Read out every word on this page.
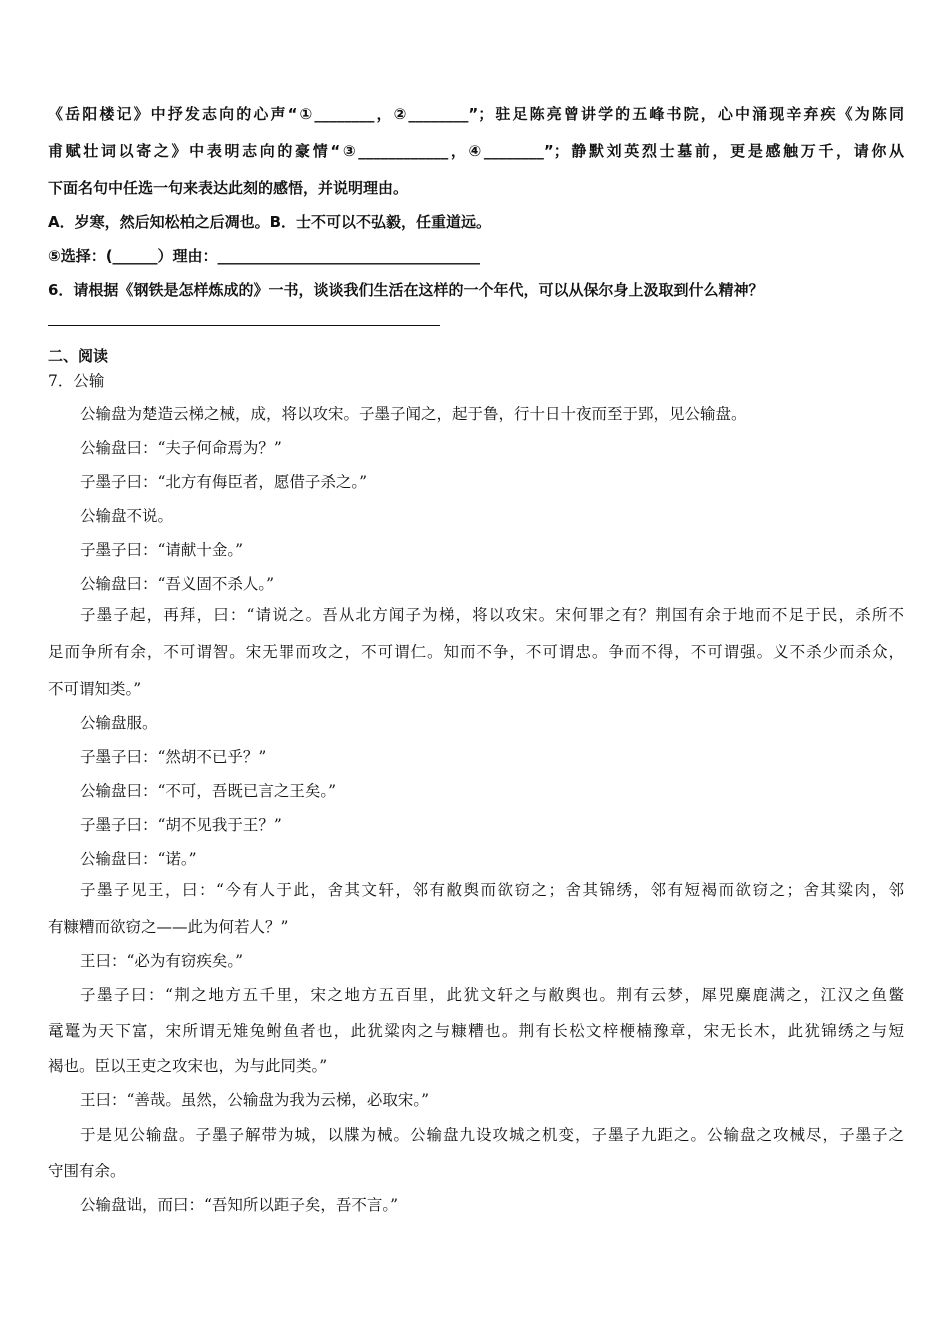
《岳阳楼记》中抒发志向的心声“①________，②________”；驻足陈亮曾讲学的五峰书院，心中涌现辛弃疾《为陈同
甫赋壮词以寄之》中表明志向的豪情“③____________，④________”；静默刘英烈士墓前，更是感触万千，请你从
下面名句中任选一句来表达此刻的感悟，并说明理由。
A．岁寒，然后知松柏之后凋也。B．士不可以不弘毅，任重道远。
⑤选择：(______）理由：___________________________________
6．请根据《钢铁是怎样炼成的》一书，谈谈我们生活在这样的一个年代，可以从保尔身上汲取到什么精神？
二、阅读
7．公输
公输盘为楚造云梯之械，成，将以攻宋。子墨子闻之，起于鲁，行十日十夜而至于郢，见公输盘。
公输盘曰：“夫子何命焉为？”
子墨子曰：“北方有侮臣者，愿借子杀之。”
公输盘不说。
子墨子曰：“请献十金。”
公输盘曰：“吾义固不杀人。”
子墨子起，再拜，曰：“请说之。吾从北方闻子为梯，将以攻宋。宋何罪之有？荆国有余于地而不足于民，杀所不
足而争所有余，不可谓智。宋无罪而攻之，不可谓仁。知而不争，不可谓忠。争而不得，不可谓强。义不杀少而杀众，
不可谓知类。”
公输盘服。
子墨子曰：“然胡不已乎？”
公输盘曰：“不可，吾既已言之王矣。”
子墨子曰：“胡不见我于王？”
公输盘曰：“诺。”
子墨子见王，曰：“今有人于此，舍其文轩，邻有敝舆而欲窃之；舍其锦绣，邻有短褐而欲窃之；舍其粱肉，邻
有糠糟而欲窃之——此为何若人？”
王曰：“必为有窃疾矣。”
子墨子曰：“荆之地方五千里，宋之地方五百里，此犹文轩之与敝舆也。荆有云梦，犀兕麋鹿满之，江汉之鱼鳖
鼋鼍为天下富，宋所谓无雉兔鲋鱼者也，此犹粱肉之与糠糟也。荆有长松文梓楩楠豫章，宋无长木，此犹锦绣之与短
褐也。臣以王吏之攻宋也，为与此同类。”
王曰：“善哉。虽然，公输盘为我为云梯，必取宋。”
于是见公输盘。子墨子解带为城，以牒为械。公输盘九设攻城之机变，子墨子九距之。公输盘之攻械尽，子墨子之
守围有余。
公输盘诎，而曰：“吾知所以距子矣，吾不言。”
